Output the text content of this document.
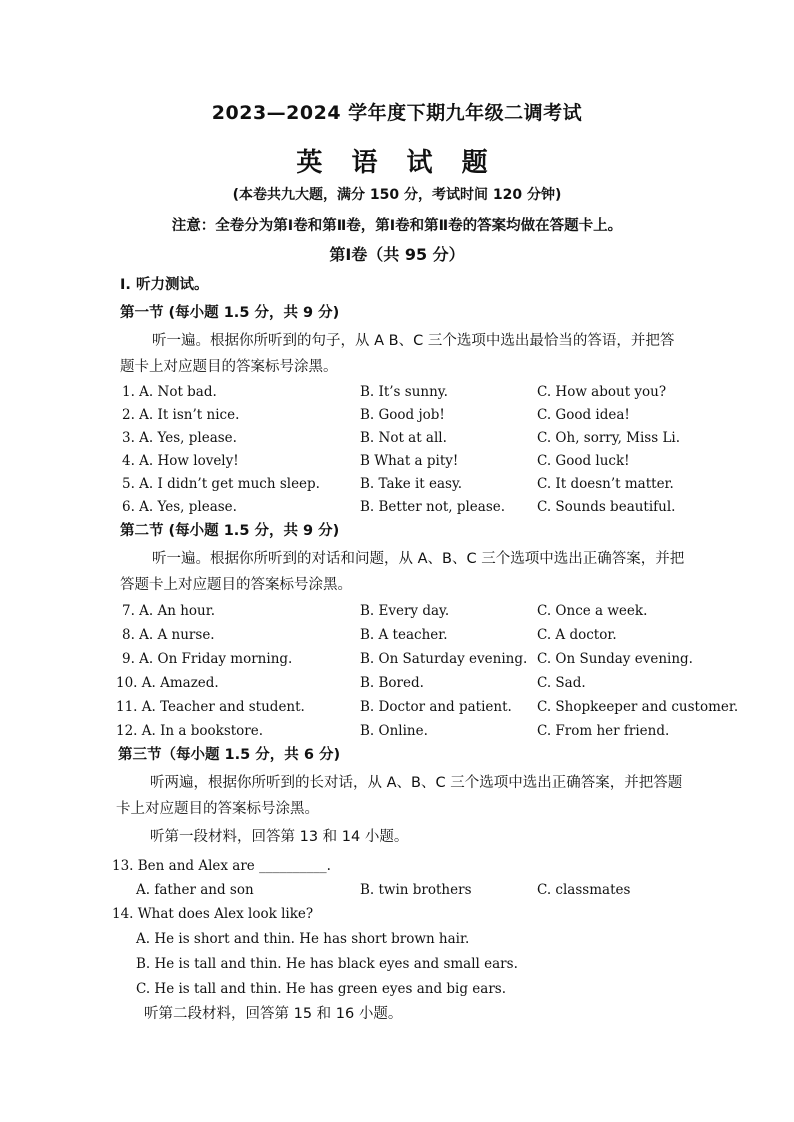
2023—2024 学年度下期九年级二调考试
英 语 试 题
(本卷共九大题，满分 150 分，考试时间 120 分钟)
注意：全卷分为第Ⅰ卷和第Ⅱ卷，第Ⅰ卷和第Ⅱ卷的答案均做在答题卡上。
第Ⅰ卷（共 95 分）
I. 听力测试。
第一节 (每小题 1.5 分，共 9 分)
听一遍。根据你所听到的句子，从 A B、C 三个选项中选出最恰当的答语，并把答
题卡上对应题目的答案标号涂黑。
1. A. Not bad.	B. It’s sunny.	C. How about you?
2. A. It isn’t nice.	B. Good job!	C. Good idea!
3. A. Yes, please.	B. Not at all.	C. Oh, sorry, Miss Li.
4. A. How lovely!	B What a pity!	C. Good luck!
5. A. I didn’t get much sleep.	B. Take it easy.	C. It doesn’t matter.
6. A. Yes, please.	B. Better not, please. C. Sounds beautiful.
第二节 (每小题 1.5 分，共 9 分)
听一遍。根据你所听到的对话和问题，从 A、B、C 三个选项中选出正确答案，并把
答题卡上对应题目的答案标号涂黑。
7. A. An hour.	B. Every day.	C. Once a week.
8. A. A nurse.	B. A teacher.	C. A doctor.
9. A. On Friday morning.	B. On Saturday evening. C. On Sunday evening.
10. A. Amazed.	B. Bored.	C. Sad.
11. A. Teacher and student.	B. Doctor and patient. C. Shopkeeper and customer.
12. A. In a bookstore.	B. Online.	C. From her friend.
第三节（每小题 1.5 分，共 6 分)
听两遍，根据你所听到的长对话，从 A、B、C 三个选项中选出正确答案，并把答题
卡上对应题目的答案标号涂黑。
听第一段材料，回答第 13 和 14 小题。
13. Ben and Alex are __________.
A. father and son	B. twin brothers	C. classmates
14. What does Alex look like?
A. He is short and thin. He has short brown hair.
B. He is tall and thin. He has black eyes and small ears.
C. He is tall and thin. He has green eyes and big ears.
听第二段材料，回答第 15 和 16 小题。
